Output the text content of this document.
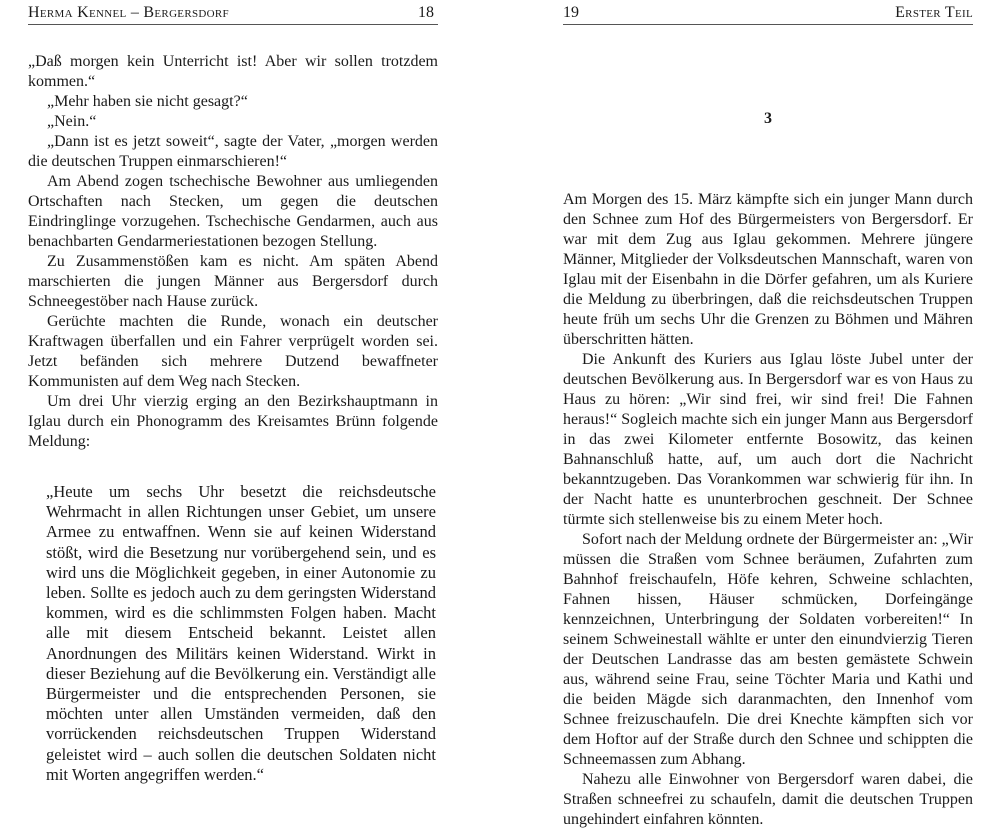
Herma Kennel – Bergersdorf	18

„Daß morgen kein Unterricht ist! Aber wir sollen trotzdem kommen.“

„Mehr haben sie nicht gesagt?“

„Nein.“

„Dann ist es jetzt soweit“, sagte der Vater, „morgen werden die deutschen Truppen einmarschieren!“

Am Abend zogen tschechische Bewohner aus umliegenden Ortschaften nach Stecken, um gegen die deutschen Eindringlinge vorzugehen. Tschechische Gendarmen, auch aus benachbarten Gendarmeriestationen bezogen Stellung.

Zu Zusammenstößen kam es nicht. Am späten Abend marschierten die jungen Männer aus Bergersdorf durch Schneegestöber nach Hause zurück.

Gerüchte machten die Runde, wonach ein deutscher Kraftwagen überfallen und ein Fahrer verprügelt worden sei. Jetzt befänden sich mehrere Dutzend bewaffneter Kommunisten auf dem Weg nach Stecken.

Um drei Uhr vierzig erging an den Bezirkshauptmann in Iglau durch ein Phonogramm des Kreisamtes Brünn folgende Meldung:

„Heute um sechs Uhr besetzt die reichsdeutsche Wehrmacht in allen Richtungen unser Gebiet, um unsere Armee zu entwaffnen. Wenn sie auf keinen Widerstand stößt, wird die Besetzung nur vorübergehend sein, und es wird uns die Möglichkeit gegeben, in einer Autonomie zu leben. Sollte es jedoch auch zu dem geringsten Widerstand kommen, wird es die schlimmsten Folgen haben. Macht alle mit diesem Entscheid bekannt. Leistet allen Anordnungen des Militärs keinen Widerstand. Wirkt in dieser Beziehung auf die Bevölkerung ein. Verständigt alle Bürgermeister und die entsprechenden Personen, sie möchten unter allen Umständen vermeiden, daß den vorrückenden reichsdeutschen Truppen Widerstand geleistet wird – auch sollen die deutschen Soldaten nicht mit Worten angegriffen werden.“

19	Erster Teil
3

Am Morgen des 15. März kämpfte sich ein junger Mann durch den Schnee zum Hof des Bürgermeisters von Bergersdorf. Er war mit dem Zug aus Iglau gekommen. Mehrere jüngere Männer, Mitglieder der Volksdeutschen Mannschaft, waren von Iglau mit der Eisenbahn in die Dörfer gefahren, um als Kuriere die Meldung zu überbringen, daß die reichsdeutschen Truppen heute früh um sechs Uhr die Grenzen zu Böhmen und Mähren überschritten hätten.

Die Ankunft des Kuriers aus Iglau löste Jubel unter der deutschen Bevölkerung aus. In Bergersdorf war es von Haus zu Haus zu hören: „Wir sind frei, wir sind frei! Die Fahnen heraus!“ Sogleich machte sich ein junger Mann aus Bergersdorf in das zwei Kilometer entfernte Bosowitz, das keinen Bahnanschluß hatte, auf, um auch dort die Nachricht bekanntzugeben. Das Vorankommen war schwierig für ihn. In der Nacht hatte es ununterbrochen geschneit. Der Schnee türmte sich stellenweise bis zu einem Meter hoch.

Sofort nach der Meldung ordnete der Bürgermeister an: „Wir müssen die Straßen vom Schnee beräumen, Zufahrten zum Bahnhof freischaufeln, Höfe kehren, Schweine schlachten, Fahnen hissen, Häuser schmücken, Dorfeingänge kennzeichnen, Unterbringung der Soldaten vorbereiten!“ In seinem Schweinestall wählte er unter den einundvierzig Tieren der Deutschen Landrasse das am besten gemästete Schwein aus, während seine Frau, seine Töchter Maria und Kathi und die beiden Mägde sich daranmachten, den Innenhof vom Schnee freizuschaufeln. Die drei Knechte kämpften sich vor dem Hoftor auf der Straße durch den Schnee und schippten die Schneemassen zum Abhang.

Nahezu alle Einwohner von Bergersdorf waren dabei, die Straßen schneefrei zu schaufeln, damit die deutschen Truppen ungehindert einfahren könnten.
